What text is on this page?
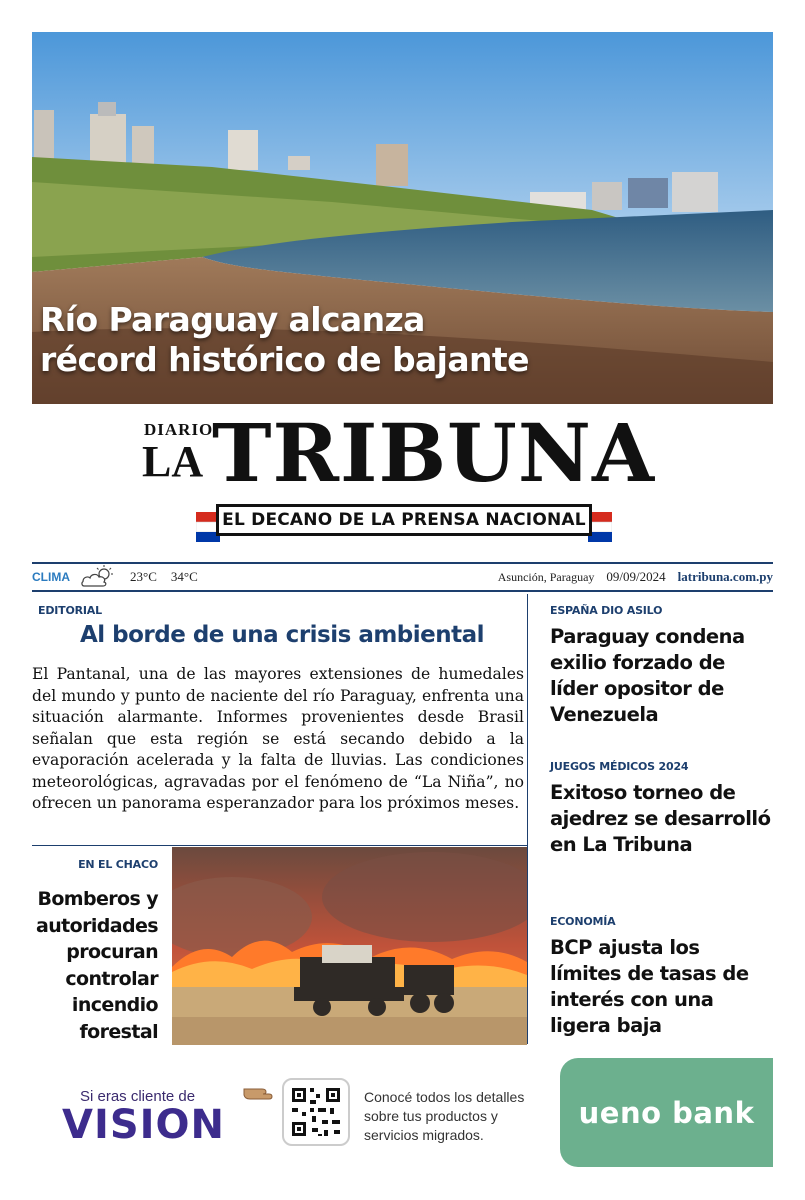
Río Paraguay alcanza
récord histórico de bajante
DIARIO
LA TRIBUNA
EL DECANO DE LA PRENSA NACIONAL
CLIMA	23°C 34°C	Asunción, Paraguay 09/09/2024 latribuna.com.py
EDITORIAL
Al borde de una crisis ambiental
El Pantanal, una de las mayores extensiones de humedales del mundo y punto de naciente del río Paraguay, enfrenta una situación alarmante. Informes provenientes desde Brasil señalan que esta región se está secando debido a la evaporación acelerada y la falta de lluvias. Las condiciones meteorológicas, agravadas por el fenómeno de “La Niña”, no ofrecen un panorama esperanzador para los próximos meses.
EN EL CHACO
Bomberos y autoridades procuran controlar incendio forestal
ESPAÑA DIO ASILO
Paraguay condena exilio forzado de líder opositor de Venezuela
JUEGOS MÉDICOS 2024
Exitoso torneo de ajedrez se desarrolló en La Tribuna
ECONOMÍA
BCP ajusta los límites de tasas de interés con una ligera baja
Si eras cliente de
VISION
Conocé todos los detalles sobre tus productos y servicios migrados.
ueno bank
